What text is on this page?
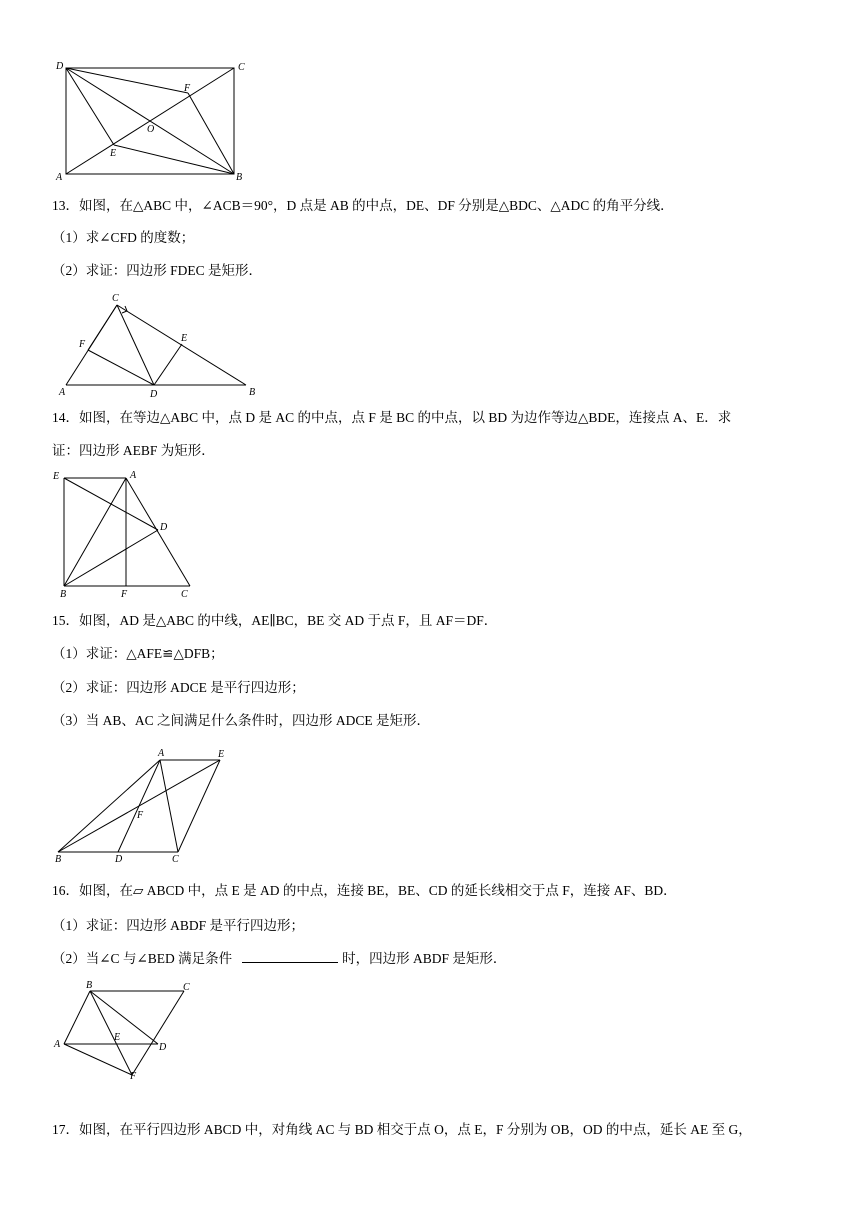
D	C
F
O
E
A	B
13．如图，在△ABC 中，∠ACB＝90°，D 点是 AB 的中点，DE、DF 分别是△BDC、△ADC 的角平分线．
（1）求∠CFD 的度数；
（2）求证：四边形 FDEC 是矩形．
C
F
E
A	D	B
14．如图，在等边△ABC 中，点 D 是 AC 的中点，点 F 是 BC 的中点，以 BD 为边作等边△BDE，连接点 A、E．求
证：四边形 AEBF 为矩形．
E	A
D
B	F	C
15．如图，AD 是△ABC 的中线，AE∥BC，BE 交 AD 于点 F，且 AF＝DF．
（1）求证：△AFE≌△DFB；
（2）求证：四边形 ADCE 是平行四边形；
（3）当 AB、AC 之间满足什么条件时，四边形 ADCE 是矩形．
A	E
F
B	D	C
16．如图，在▱ ABCD 中，点 E 是 AD 的中点，连接 BE，BE、CD 的延长线相交于点 F，连接 AF、BD．
（1）求证：四边形 ABDF 是平行四边形；
（2）当∠C 与∠BED 满足条件	时，四边形 ABDF 是矩形．
B	C
A
E
D
F
17．如图，在平行四边形 ABCD 中，对角线 AC 与 BD 相交于点 O，点 E，F 分别为 OB，OD 的中点，延长 AE 至 G，
